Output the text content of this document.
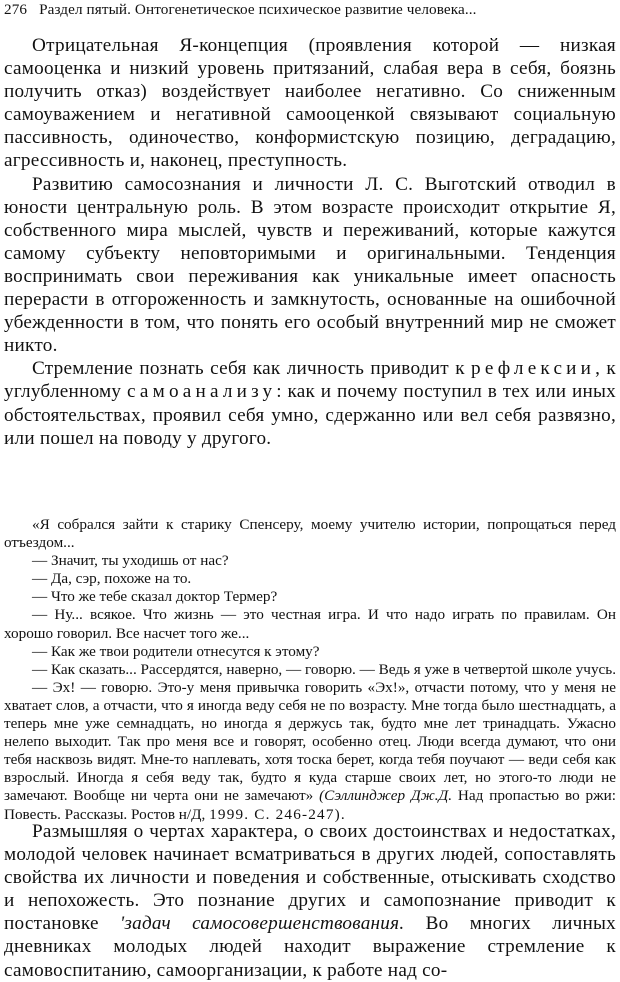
276 Раздел пятый. Онтогенетическое психическое развитие человека...

Отрицательная Я-концепция (проявления которой — низкая самооценка и низкий уровень притязаний, слабая вера в себя, боязнь получить отказ) воздействует наиболее негативно. Со сниженным самоуважением и негативной самооценкой связывают социальную пассивность, одиночество, конформистскую позицию, деградацию, агрессивность и, наконец, преступность.

Развитию самосознания и личности Л. С. Выготский отводил в юности центральную роль. В этом возрасте происходит открытие Я, собственного мира мыслей, чувств и переживаний, которые кажутся самому субъекту неповторимыми и оригинальными. Тенденция воспринимать свои переживания как уникальные имеет опасность перерасти в отгороженность и замкнутость, основанные на ошибочной убежденности в том, что понять его особый внутренний мир не сможет никто.

Стремление познать себя как личность приводит к рефлексии, к углубленному самоанализу: как и почему поступил в тех или иных обстоятельствах, проявил себя умно, сдержанно или вел себя развязно, или пошел на поводу у другого.

«Я собрался зайти к старику Спенсеру, моему учителю истории, попрощаться перед отъездом...

— Значит, ты уходишь от нас?

— Да, сэр, похоже на то.

— Что же тебе сказал доктор Термер?

— Ну... всякое. Что жизнь — это честная игра. И что надо играть по правилам. Он хорошо говорил. Все насчет того же...

— Как же твои родители отнесутся к этому?

— Как сказать... Рассердятся, наверно, — говорю. — Ведь я уже в четвертой школе учусь.

— Эх! — говорю. Это-у меня привычка говорить «Эх!», отчасти потому, что у меня не хватает слов, а отчасти, что я иногда веду себя не по возрасту. Мне тогда было шестнадцать, а теперь мне уже семнадцать, но иногда я держусь так, будто мне лет тринадцать. Ужасно нелепо выходит. Так про меня все и говорят, особенно отец. Люди всегда думают, что они тебя насквозь видят. Мне-то наплевать, хотя тоска берет, когда тебя поучают — веди себя как взрослый. Иногда я себя веду так, будто я куда старше своих лет, но этого-то люди не замечают. Вообще ни черта они не замечают» (Сэллинджер Дж.Д. Над пропастью во ржи: Повесть. Рассказы. Ростов н/Д, 1999. С. 246-247).

Размышляя о чертах характера, о своих достоинствах и недостатках, молодой человек начинает всматриваться в других людей, сопоставлять свойства их личности и поведения и собственные, отыскивать сходство и непохожесть. Это познание других и самопознание приводит к постановке 'задач самосовершенствования. Во многих личных дневниках молодых людей находит выражение стремление к самовоспитанию, самоорганизации, к работе над со-
